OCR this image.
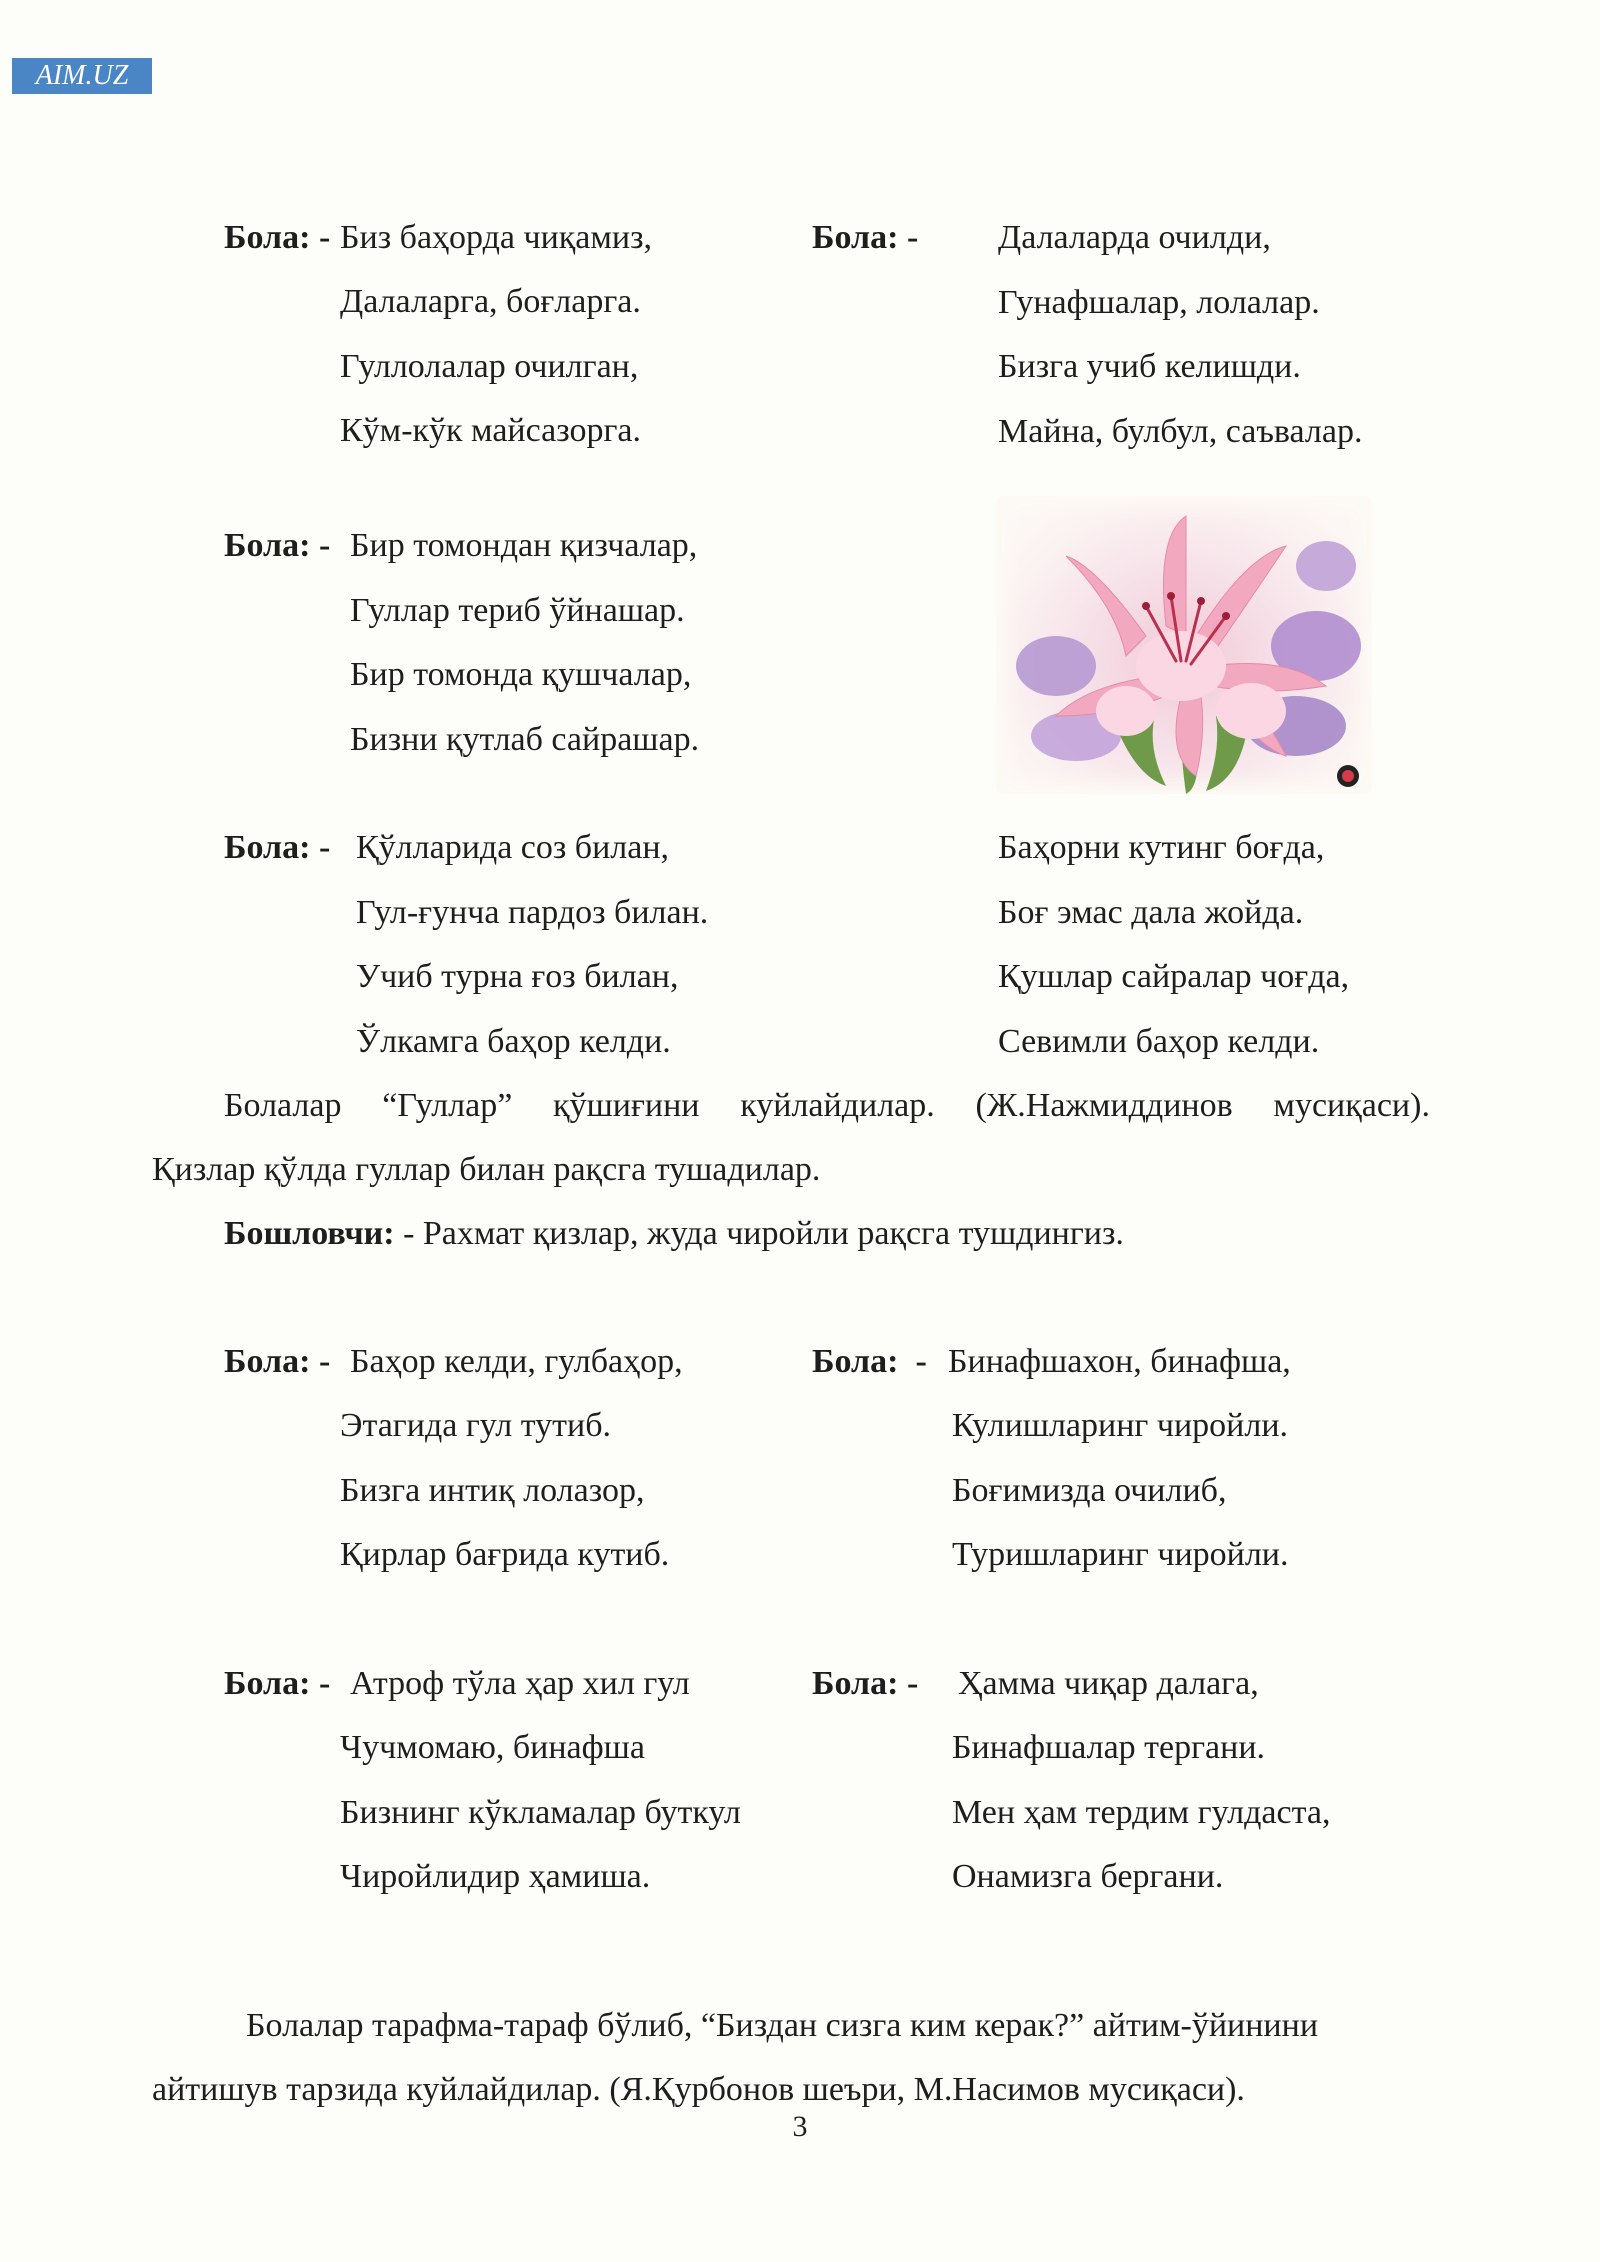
AIM.UZ
Бола: - Биз баҳорда чиқамиз,
Далаларга, боғларга.
Гуллолалар очилган,
Кўм-кўк майсазорга.
Бола: - Далаларда очилди,
Гунафшалар, лолалар.
Бизга учиб келишди.
Майна, булбул, саъвалар.
Бола: - Бир томондан қизчалар,
Гуллар териб ўйнашар.
Бир томонда қушчалар,
Бизни қутлаб сайрашар.
Бола: - Қўлларида соз билан,
Гул-ғунча пардоз билан.
Учиб турна ғоз билан,
Ўлкамга баҳор келди.
Баҳорни кутинг боғда,
Боғ эмас дала жойда.
Қушлар сайралар чоғда,
Севимли баҳор келди.
Болалар “Гуллар” қўшиғини куйлайдилар. (Ж.Нажмиддинов мусиқаси).
Қизлар қўлда гуллар билан рақсга тушадилар.
Бошловчи: - Рахмат қизлар, жуда чиройли рақсга тушдингиз.
Бола: - Баҳор келди, гулбаҳор,
Этагида гул тутиб.
Бизга интиқ лолазор,
Қирлар бағрида кутиб.
Бола: - Бинафшахон, бинафша,
Кулишларинг чиройли.
Боғимизда очилиб,
Туришларинг чиройли.
Бола: - Атроф тўла ҳар хил гул
Чучмомаю, бинафша
Бизнинг кўкламалар буткул
Чиройлидир ҳамиша.
Бола: - Ҳамма чиқар далага,
Бинафшалар тергани.
Мен ҳам тердим гулдаста,
Онамизга бергани.
Болалар тарафма-тараф бўлиб, “Биздан сизга ким керак?” айтим-ўйинини
айтишув тарзида куйлайдилар. (Я.Қурбонов шеъри, М.Насимов мусиқаси).
3
